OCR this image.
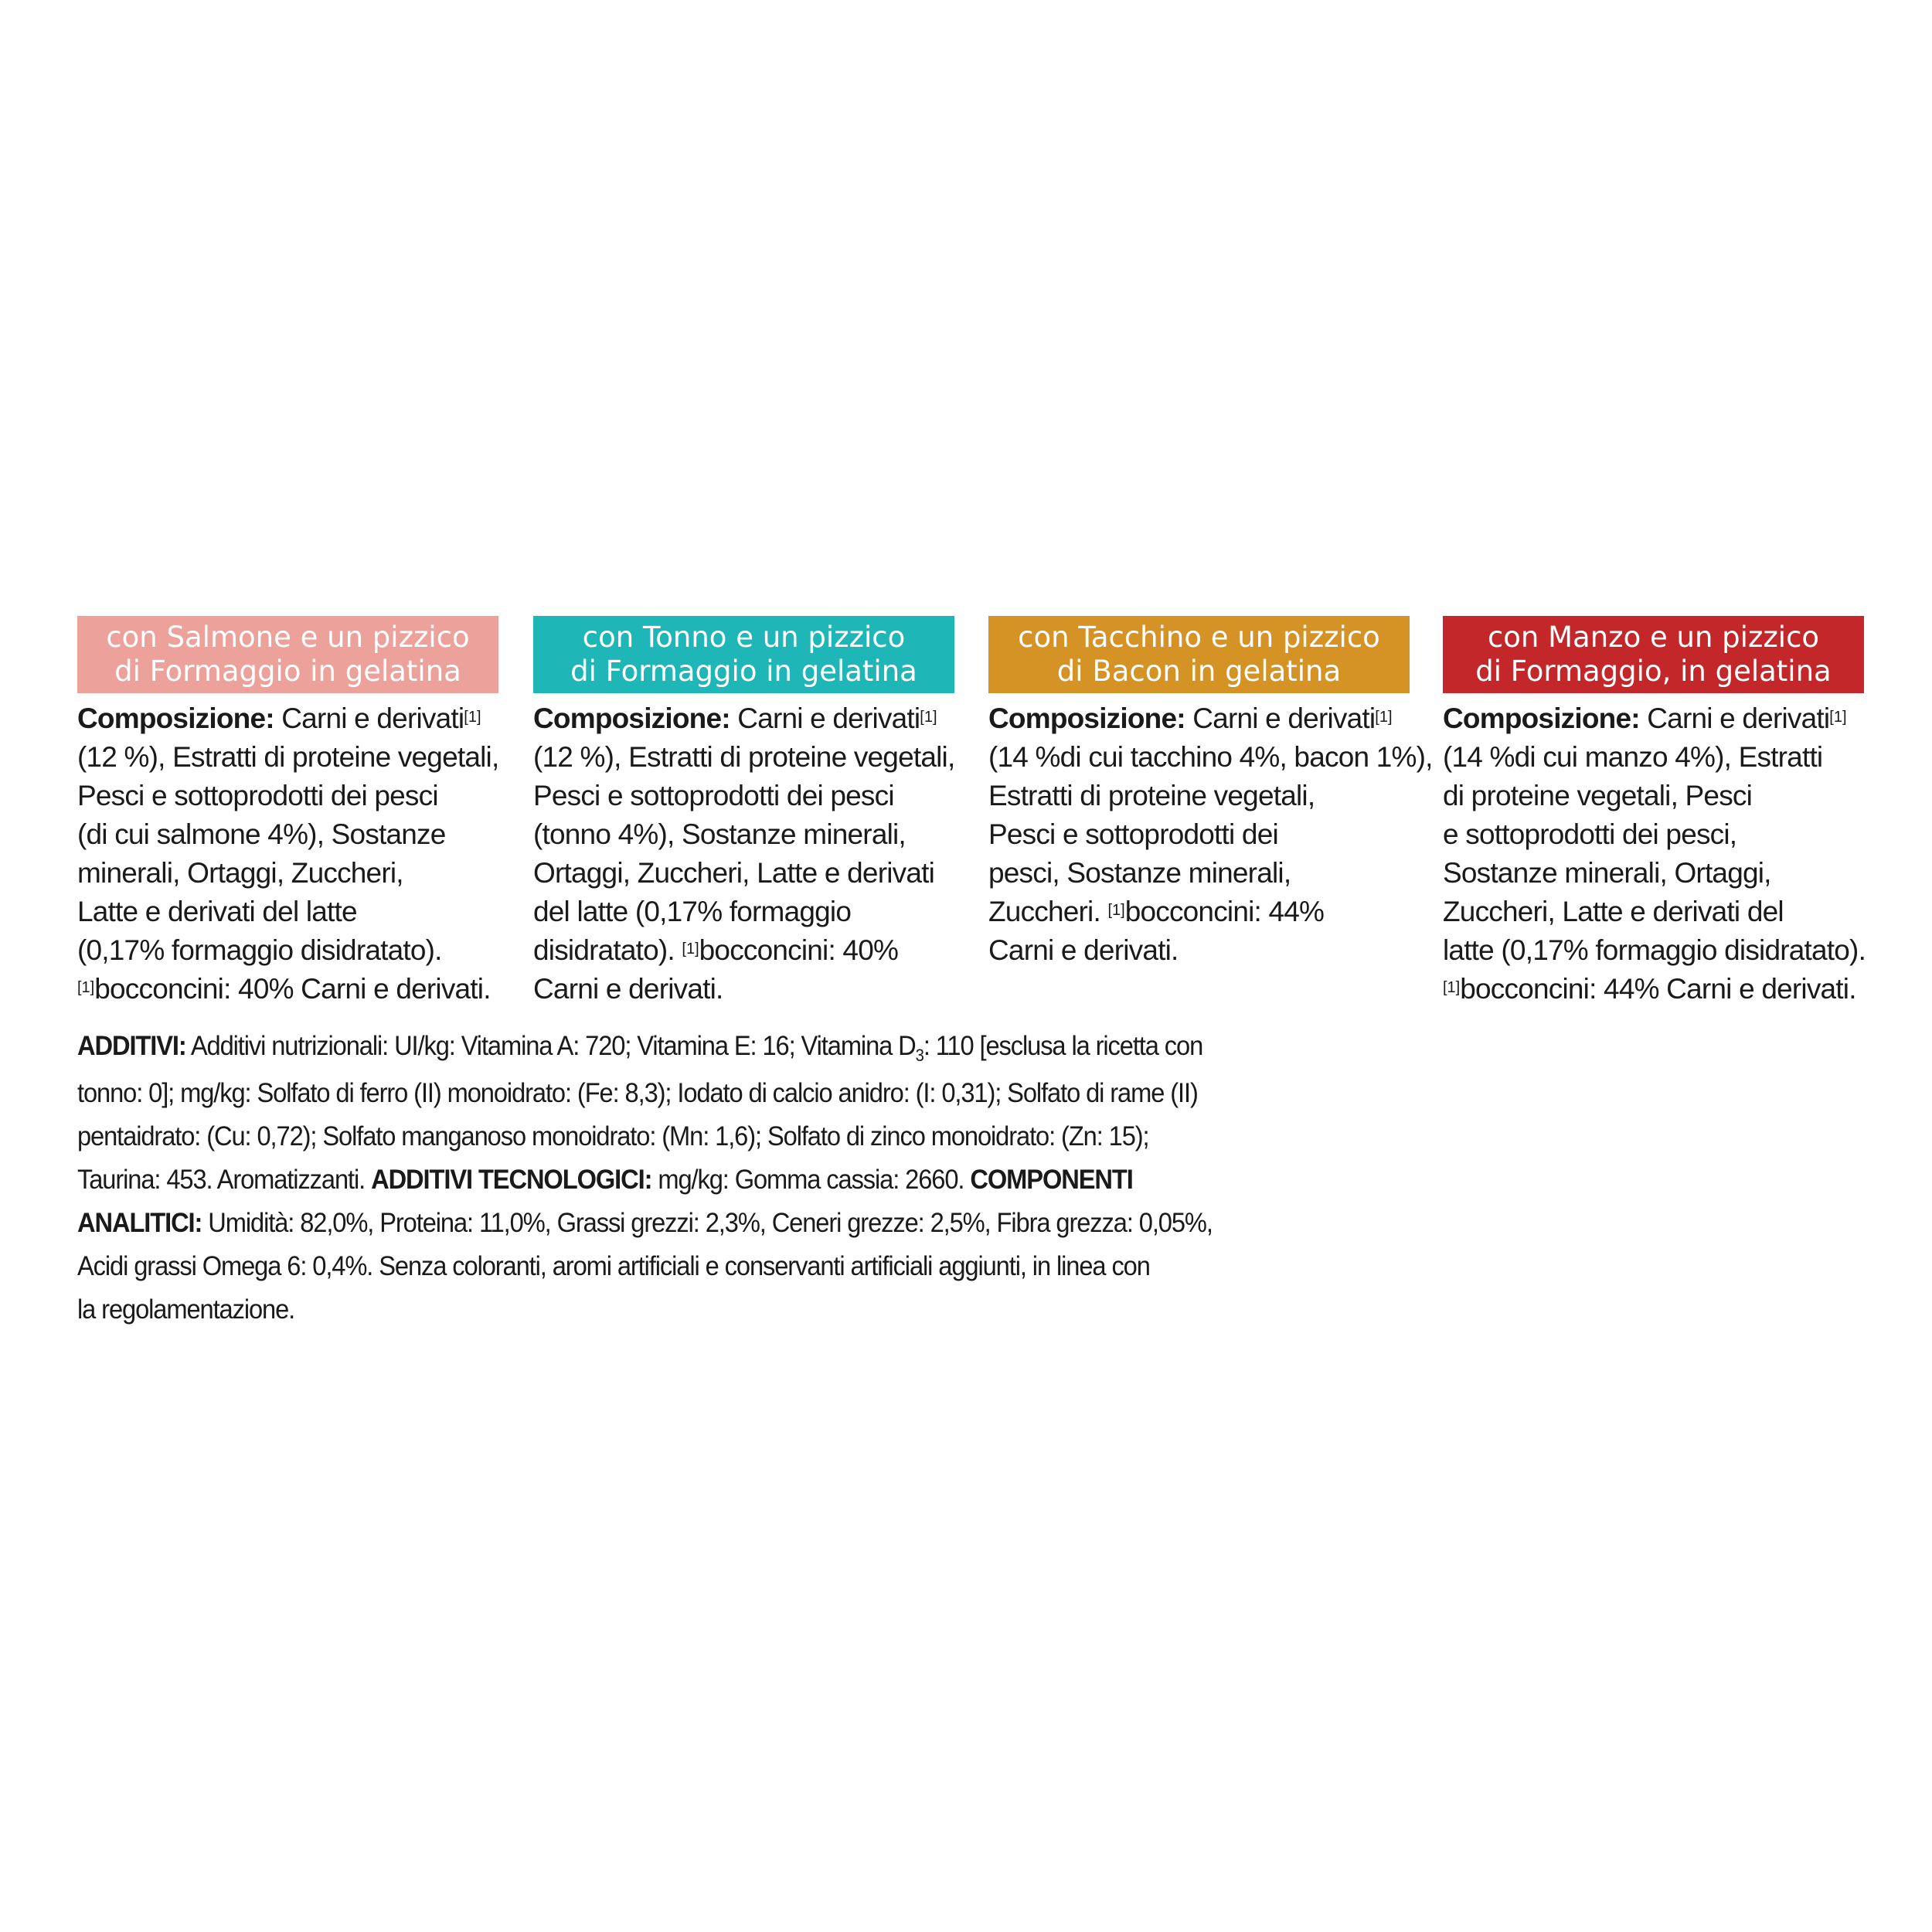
con Salmone e un pizzico
di Formaggio in gelatina
Composizione: Carni e derivati[1]
(12 %), Estratti di proteine vegetali,
Pesci e sottoprodotti dei pesci
(di cui salmone 4%), Sostanze
minerali, Ortaggi, Zuccheri,
Latte e derivati del latte
(0,17% formaggio disidratato).
[1]bocconcini: 40% Carni e derivati.
con Tonno e un pizzico
di Formaggio in gelatina
Composizione: Carni e derivati[1]
(12 %), Estratti di proteine vegetali,
Pesci e sottoprodotti dei pesci
(tonno 4%), Sostanze minerali,
Ortaggi, Zuccheri, Latte e derivati
del latte (0,17% formaggio
disidratato). [1]bocconcini: 40%
Carni e derivati.
con Tacchino e un pizzico
di Bacon in gelatina
Composizione: Carni e derivati[1]
(14 %di cui tacchino 4%, bacon 1%),
Estratti di proteine vegetali,
Pesci e sottoprodotti dei
pesci, Sostanze minerali,
Zuccheri. [1]bocconcini: 44%
Carni e derivati.
con Manzo e un pizzico
di Formaggio, in gelatina
Composizione: Carni e derivati[1]
(14 %di cui manzo 4%), Estratti
di proteine vegetali, Pesci
e sottoprodotti dei pesci,
Sostanze minerali, Ortaggi,
Zuccheri, Latte e derivati del
latte (0,17% formaggio disidratato).
[1]bocconcini: 44% Carni e derivati.
ADDITIVI: Additivi nutrizionali: UI/kg: Vitamina A: 720; Vitamina E: 16; Vitamina $D_3$: 110 [esclusa la ricetta con
tonno: 0]; mg/kg: Solfato di ferro (II) monoidrato: (Fe: 8,3); Iodato di calcio anidro: (I: 0,31); Solfato di rame (II)
pentaidrato: (Cu: 0,72); Solfato manganoso monoidrato: (Mn: 1,6); Solfato di zinco monoidrato: (Zn: 15);
Taurina: 453. Aromatizzanti. ADDITIVI TECNOLOGICI: mg/kg: Gomma cassia: 2660. COMPONENTI
ANALITICI: Umidità: 82,0%, Proteina: 11,0%, Grassi grezzi: 2,3%, Ceneri grezze: 2,5%, Fibra grezza: 0,05%,
Acidi grassi Omega 6: 0,4%. Senza coloranti, aromi artificiali e conservanti artificiali aggiunti, in linea con
la regolamentazione.
